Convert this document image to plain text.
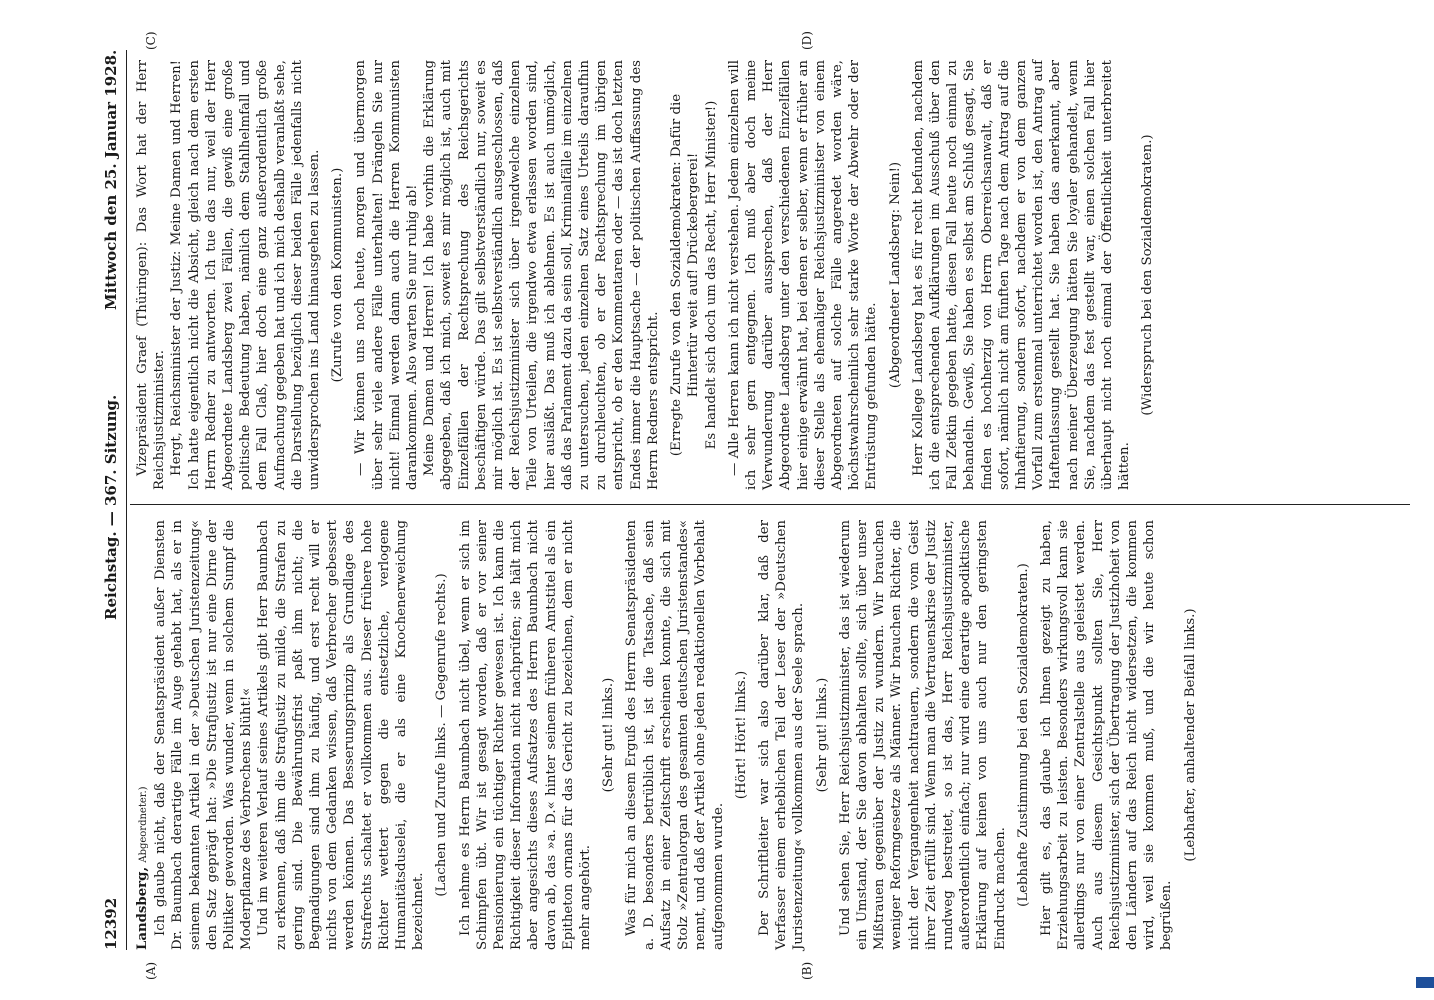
12392
Reichstag. — 367. Sitzung.
Mittwoch den 25. Januar 1928.
(A)	(B)
(C)	(D)

Landsberg, Abgeordneter.) Ich glaube nicht, daß der Senatspräsident außer Diensten Dr. Baumbach derartige Fälle im Auge gehabt hat, als er in seinem bekannten Artikel in der »Deutschen Juristenzeitung« den Satz geprägt hat: »Die Strafjustiz ist nur eine Dirne der Politiker geworden. Was wunder, wenn in solchem Sumpf die Moderpflanze des Verbrechens blüht!« Und im weiteren Verlauf seines Artikels gibt Herr Baumbach zu erkennen, daß ihm die Strafjustiz zu milde, die Strafen zu gering sind. Die Bewährungsfrist paßt ihm nicht; die Begnadigungen sind ihm zu häufig, und erst recht will er nichts von dem Gedanken wissen, daß Verbrecher gebessert werden können. Das Besserungsprinzip als Grundlage des Strafrechts schaltet er vollkommen aus. Dieser frühere hohe Richter wettert gegen die entsetzliche, verlogene Humanitätsduselei, die er als eine Knochenerweichung bezeichnet.

(Lachen und Zurufe links. — Gegenrufe rechts.) Ich nehme es Herrn Baumbach nicht übel, wenn er sich im Schimpfen übt. Wir ist gesagt worden, daß er vor seiner Pensionierung ein tüchtiger Richter gewesen ist. Ich kann die Richtigkeit dieser Information nicht nachprüfen; sie hält mich aber angesichts dieses Aufsatzes des Herrn Baumbach nicht davon ab, das »a. D.« hinter seinem früheren Amtstitel als ein Epitheton ornans für das Gericht zu bezeichnen, dem er nicht mehr angehört.

(Sehr gut! links.) Was für mich an diesem Erguß des Herrn Senatspräsidenten a. D. besonders betrüblich ist, ist die Tatsache, daß sein Aufsatz in einer Zeitschrift erscheinen konnte, die sich mit Stolz »Zentralorgan des gesamten deutschen Juristenstandes« nennt, und daß der Artikel ohne jeden redaktionellen Vorbehalt aufgenommen wurde.

(Hört! Hört! links.) Der Schriftleiter war sich also darüber klar, daß der Verfasser einem erheblichen Teil der Leser der »Deutschen Juristenzeitung« vollkommen aus der Seele sprach. (Sehr gut! links.) Und sehen Sie, Herr Reichsjustizminister, das ist wiederum ein Umstand, der Sie davon abhalten sollte, sich über unser Mißtrauen gegenüber der Justiz zu wundern. Wir brauchen weniger Reformgesetze als Männer. Wir brauchen Richter, die nicht der Vergangenheit nachtrauern, sondern die vom Geist ihrer Zeit erfüllt sind. Wenn man die Vertrauenskrise der Justiz rundweg bestreitet, so ist das, Herr Reichsjustizminister, außerordentlich einfach; nur wird eine derartige apodiktische Erklärung auf keinen von uns auch nur den geringsten Eindruck machen. (Lebhafte Zustimmung bei den Sozialdemokraten.) Hier gilt es, das glaube ich Ihnen gezeigt zu haben, Erziehungsarbeit zu leisten. Besonders wirkungsvoll kann sie allerdings nur von einer Zentralstelle aus geleistet werden. Auch aus diesem Gesichtspunkt sollten Sie, Herr Reichsjustizminister, sich der Übertragung der Justizhoheit von den Ländern auf das Reich nicht widersetzen, die kommen wird, weil sie kommen muß, und die wir heute schon begrüßen.

(Lebhafter, anhaltender Beifall links.)

Vizepräsident Graef (Thüringen): Das Wort hat der Herr Reichsjustizminister. Hergt, Reichsminister der Justiz: Meine Damen und Herren! Ich hatte eigentlich nicht die Absicht, gleich nach dem ersten Herrn Redner zu antworten. Ich tue das nur, weil der Herr Abgeordnete Landsberg zwei Fällen, die gewiß eine große politische Bedeutung haben, nämlich dem Stahlhelmfall und dem Fall Claß, hier doch eine ganz außerordentlich große Aufmachung gegeben hat und ich mich deshalb veranlaßt sehe, die Darstellung bezüglich dieser beiden Fälle jedenfalls nicht unwidersprochen ins Land hinausgehen zu lassen. (Zurufe von den Kommunisten.) — Wir können uns noch heute, morgen und übermorgen über sehr viele andere Fälle unterhalten! Drängeln Sie nur nicht! Einmal werden dann auch die Herren Kommunisten darankommen. Also warten Sie nur ruhig ab! Meine Damen und Herren! Ich habe vorhin die Erklärung abgegeben, daß ich mich, soweit es mir möglich ist, auch mit Einzelfällen der Rechtsprechung des Reichsgerichts beschäftigen würde. Das gilt selbstverständlich nur, soweit es mir möglich ist. Es ist selbstverständlich ausgeschlossen, daß der Reichsjustizminister sich über irgendwelche einzelnen Teile von Urteilen, die irgendwo etwa erlassen worden sind, hier ausläßt. Das muß ich ablehnen. Es ist auch unmöglich, daß das Parlament dazu da sein soll, Kriminalfälle im einzelnen zu untersuchen, jeden einzelnen Satz eines Urteils daraufhin zu durchleuchten, ob er der Rechtsprechung im übrigen entspricht, ob er den Kommentaren oder — das ist doch letzten Endes immer die Hauptsache — der politischen Auffassung des Herrn Redners entspricht. (Erregte Zurufe von den Sozialdemokraten: Dafür die Hintertür weit auf! Drückebergerei! Es handelt sich doch um das Recht, Herr Minister!) — Alle Herren kann ich nicht verstehen. Jedem einzelnen will ich sehr gern entgegnen. Ich muß aber doch meine Verwunderung darüber aussprechen, daß der Herr Abgeordnete Landsberg unter den verschiedenen Einzelfällen hier einige erwähnt hat, bei denen er selber, wenn er früher an dieser Stelle als ehemaliger Reichsjustizminister von einem Abgeordneten auf solche Fälle angeredet worden wäre, höchstwahrscheinlich sehr starke Worte der Abwehr oder der Entrüstung gefunden hätte.

(Abgeordneter Landsberg: Nein!) Herr Kollege Landsberg hat es für recht befunden, nachdem ich die entsprechenden Aufklärungen im Ausschuß über den Fall Zetkin gegeben hatte, diesen Fall heute noch einmal zu behandeln. Gewiß, Sie haben es selbst am Schluß gesagt, Sie finden es hochherzig von Herrn Oberreichsanwalt, daß er sofort, nämlich nicht am fünften Tage nach dem Antrag auf die Inhaftierung, sondern sofort, nachdem er von dem ganzen Vorfall zum erstenmal unterrichtet worden ist, den Antrag auf Haftentlassung gestellt hat. Sie haben das anerkannt, aber nach meiner Überzeugung hätten Sie loyaler gehandelt, wenn Sie, nachdem das fest gestellt war, einen solchen Fall hier überhaupt nicht noch einmal der Öffentlichkeit unterbreitet hätten.

(Widerspruch bei den Sozialdemokraten.)
